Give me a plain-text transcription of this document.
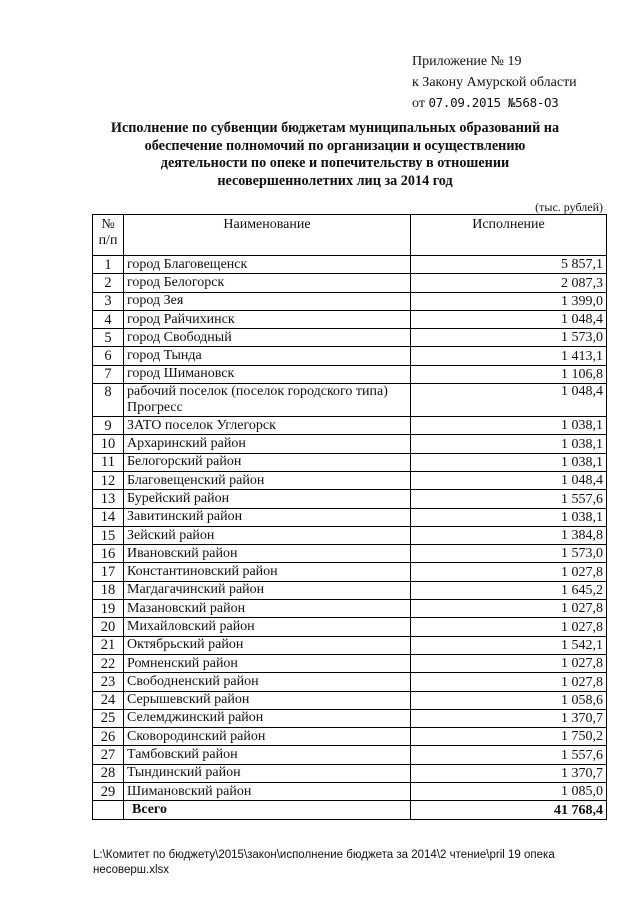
Приложение № 19
к Закону Амурской области
от 07.09.2015 №568-ОЗ
Исполнение по субвенции бюджетам муниципальных образований на
обеспечение полномочий по организации и осуществлению
деятельности по опеке и попечительству в отношении
несовершеннолетних лиц за 2014 год
(тыс. рублей)
№
п/п	Наименование	Исполнение
1	город Благовещенск	5 857,1
2	город Белогорск	2 087,3
3	город Зея	1 399,0
4	город Райчихинск	1 048,4
5	город Свободный	1 573,0
6	город Тында	1 413,1
7	город Шимановск	1 106,8
8	рабочий поселок (поселок городского типа) Прогресс	1 048,4
9	ЗАТО поселок Углегорск	1 038,1
10	Архаринский район	1 038,1
11	Белогорский район	1 038,1
12	Благовещенский район	1 048,4
13	Бурейский район	1 557,6
14	Завитинский район	1 038,1
15	Зейский район	1 384,8
16	Ивановский район	1 573,0
17	Константиновский район	1 027,8
18	Магдагачинский район	1 645,2
19	Мазановский район	1 027,8
20	Михайловский район	1 027,8
21	Октябрьский район	1 542,1
22	Ромненский район	1 027,8
23	Свободненский район	1 027,8
24	Серышевский район	1 058,6
25	Селемджинский район	1 370,7
26	Сковородинский район	1 750,2
27	Тамбовский район	1 557,6
28	Тындинский район	1 370,7
29	Шимановский район	1 085,0
	Всего	41 768,4
L:\Комитет по бюджету\2015\закон\исполнение бюджета за 2014\2 чтение\pril 19 опека
несоверш.xlsx
